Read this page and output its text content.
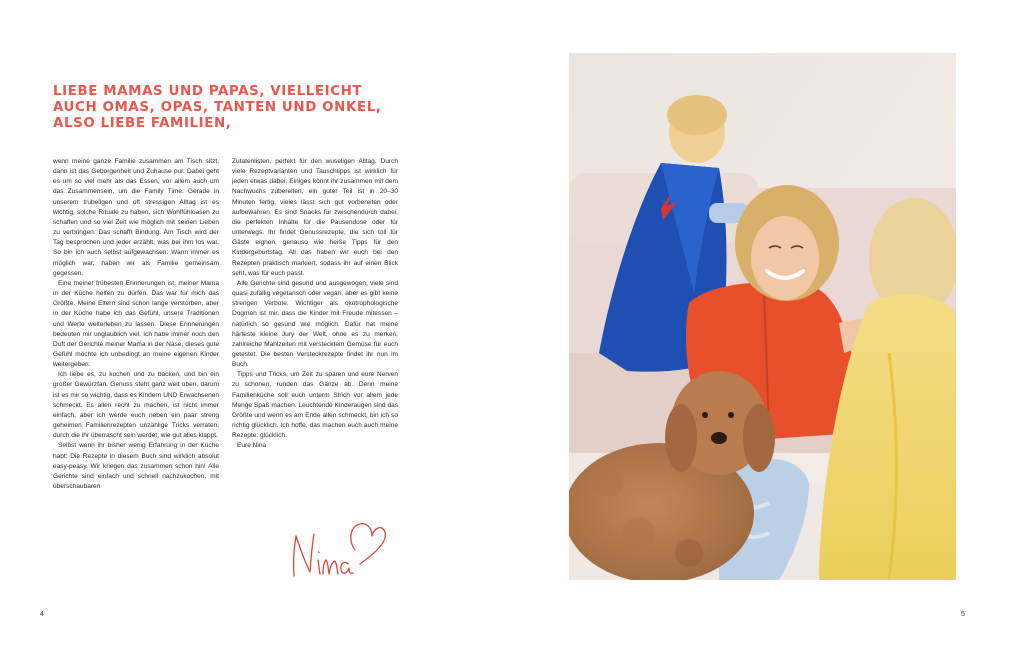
LIEBE MAMAS UND PAPAS, VIELLEICHT AUCH OMAS, OPAS, TANTEN UND ONKEL, ALSO LIEBE FAMILIEN,

wenn meine ganze Familie zusammen am Tisch sitzt, dann ist das Geborgenheit und Zuhause pur. Dabei geht es um so viel mehr als das Essen, vor allem auch um das Zusammensein, um die Family Time. Gerade in unserem trubeligen und oft stressigen Alltag ist es wichtig, solche Rituale zu haben, sich Wohlfühloasen zu schaffen und so viel Zeit wie möglich mit seinen Lieben zu verbringen. Das schafft Bindung. Am Tisch wird der Tag besprochen und jeder erzählt, was bei ihm los war. So bin ich auch selbst aufgewachsen: Wann immer es möglich war, haben wir als Familie gemeinsam gegessen.

Eine meiner frühesten Erinnerungen ist, meiner Mama in der Küche helfen zu dürfen. Das war für mich das Größte. Meine Eltern sind schon lange verstorben, aber in der Küche habe ich das Gefühl, unsere Traditionen und Werte weiterleben zu lassen. Diese Erinnerungen bedeuten mir unglaublich viel. Ich habe immer noch den Duft der Gerichte meiner Mama in der Nase, dieses gute Gefühl möchte ich unbedingt an meine eigenen Kinder weitergeben.

Ich liebe es, zu kochen und zu backen, und bin ein großer Gewürzfan. Genuss steht ganz weit oben, darum ist es mir so wichtig, dass es Kindern UND Erwachsenen schmeckt. Es allen recht zu machen, ist nicht immer einfach, aber ich werde euch neben ein paar streng geheimen Familienrezepten unzählige Tricks verraten, durch die ihr überrascht sein werdet, wie gut alles klappt.

Selbst wenn ihr bisher wenig Erfahrung in der Küche habt: Die Rezepte in diesem Buch sind wirklich absolut easy-peasy. Wir kriegen das zusammen schon hin! Alle Gerichte sind einfach und schnell nachzukochen, mit überschaubaren

Zutatenlisten, perfekt für den wuseligen Alltag. Durch viele Rezeptvarianten und Tauschtipps ist wirklich für jeden etwas dabei. Einiges könnt ihr zusammen mit dem Nachwuchs zubereiten, ein guter Teil ist in 20–30 Minuten fertig, vieles lässt sich gut vorbereiten oder aufbewahren. Es sind Snacks für zwischendurch dabei, die perfekten Inhalte für die Pausendose oder für unterwegs. Ihr findet Genussrezepte, die sich toll für Gäste eignen, genauso wie heiße Tipps für den Kindergeburtstag. All das haben wir euch bei den Rezepten praktisch markiert, sodass ihr auf einen Blick seht, was für euch passt.

Alle Gerichte sind gesund und ausgewogen, viele sind quasi zufällig vegetarisch oder vegan, aber es gibt keine strengen Verbote. Wichtiger als ökotrophologische Dogmen ist mir, dass die Kinder mit Freude mitessen – natürlich so gesund wie möglich. Dafür hat meine härteste kleine Jury der Welt, ohne es zu merken, zahlreiche Mahlzeiten mit verstecktem Gemüse für euch getestet. Die besten Versteckrezepte findet ihr nun im Buch.

Tipps und Tricks, um Zeit zu sparen und eure Nerven zu schonen, runden das Ganze ab. Denn meine Familienküche soll euch unterm Strich vor allem jede Menge Spaß machen. Leuchtende Kinderaugen sind das Größte und wenn es am Ende allen schmeckt, bin ich so richtig glücklich. Ich hoffe, das machen euch auch meine Rezepte: glücklich.

Eure Nina

4	5
